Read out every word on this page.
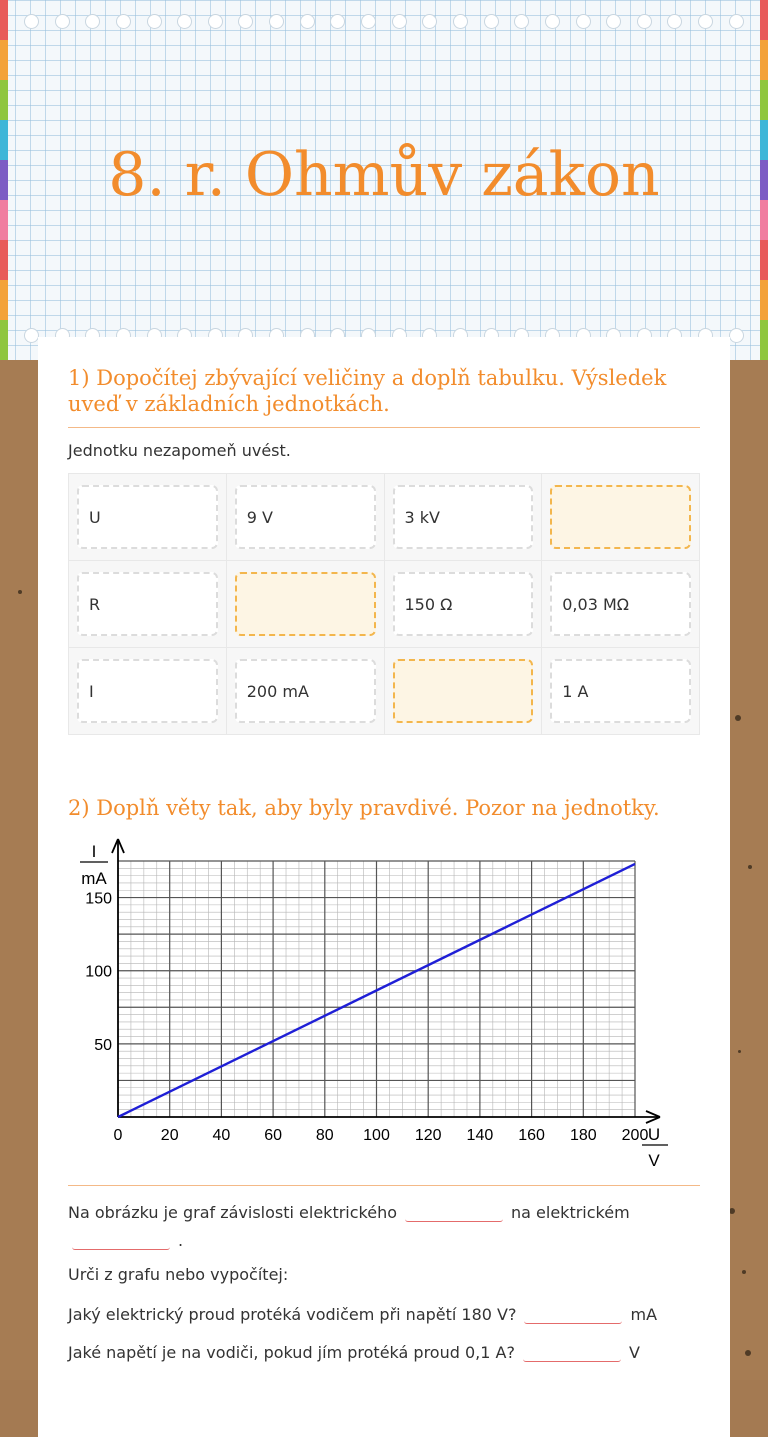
8. r. Ohmův zákon
1) Dopočítej zbývající veličiny a doplň tabulku. Výsledek uveď v základních jednotkách.
Jednotku nezapomeň uvést.
U	9 V	3 kV	

R		150 Ω	0,03 MΩ

I	200 mA		1 A
2) Doplň věty tak, aby byly pravdivé. Pozor na jednotky.
0 20 40 60 80 100 120 140 160 180 200
50
100
150
I
mA
U
V
Na obrázku je graf závislosti elektrického	na elektrickém
.
Urči z grafu nebo vypočítej:
Jaký elektrický proud protéká vodičem při napětí 180 V?	mA
Jaké napětí je na vodiči, pokud jím protéká proud 0,1 A?	V
